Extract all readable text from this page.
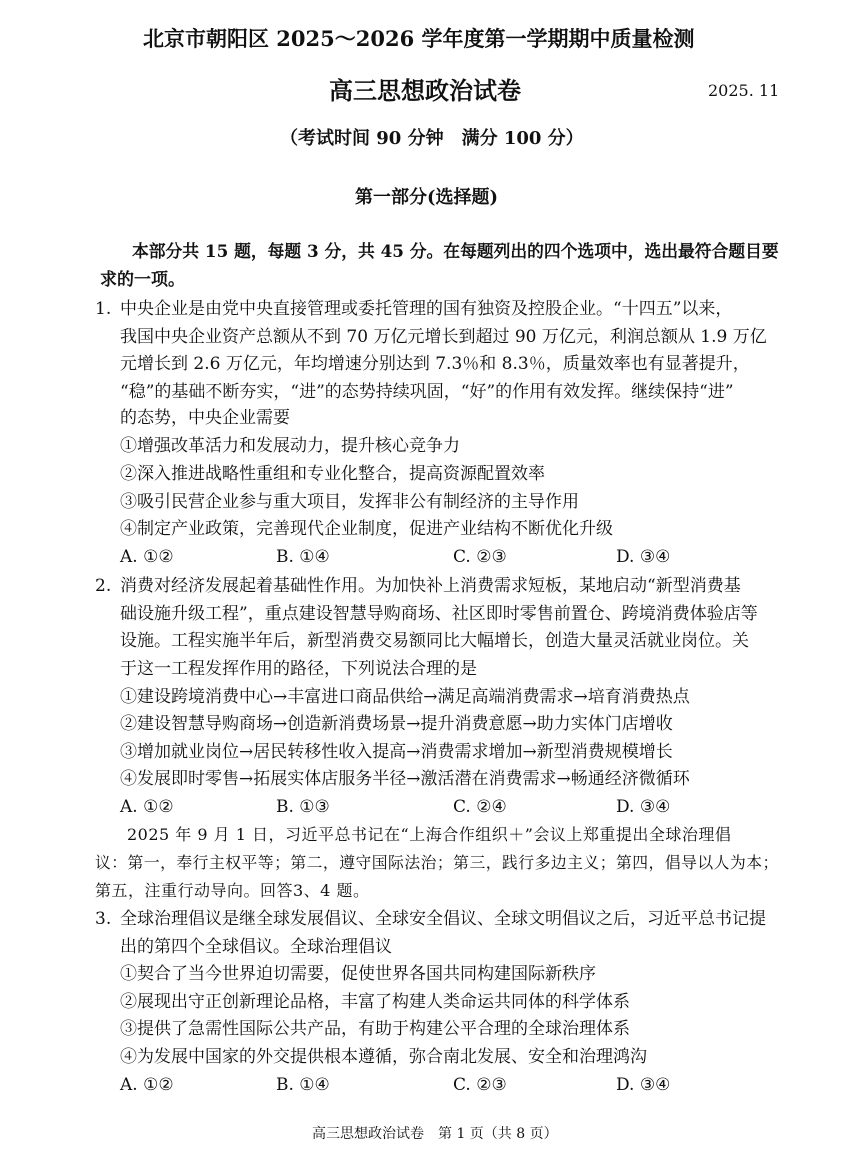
北京市朝阳区 2025～2026 学年度第一学期期中质量检测
高三思想政治试卷	2025. 11
（考试时间 90 分钟　满分 100 分）
第一部分(选择题)
本部分共 15 题，每题 3 分，共 45 分。在每题列出的四个选项中，选出最符合题目要
求的一项。
1. 中央企业是由党中央直接管理或委托管理的国有独资及控股企业。“十四五”以来，
我国中央企业资产总额从不到 70 万亿元增长到超过 90 万亿元，利润总额从 1.9 万亿
元增长到 2.6 万亿元，年均增速分别达到 7.3％和 8.3％，质量效率也有显著提升，
“稳”的基础不断夯实，“进”的态势持续巩固，“好”的作用有效发挥。继续保持“进”
的态势，中央企业需要
①增强改革活力和发展动力，提升核心竞争力
②深入推进战略性重组和专业化整合，提高资源配置效率
③吸引民营企业参与重大项目，发挥非公有制经济的主导作用
④制定产业政策，完善现代企业制度，促进产业结构不断优化升级
A. ①②	B. ①④	C. ②③	D. ③④
2. 消费对经济发展起着基础性作用。为加快补上消费需求短板，某地启动“新型消费基
础设施升级工程”，重点建设智慧导购商场、社区即时零售前置仓、跨境消费体验店等
设施。工程实施半年后，新型消费交易额同比大幅增长，创造大量灵活就业岗位。关
于这一工程发挥作用的路径，下列说法合理的是
①建设跨境消费中心→丰富进口商品供给→满足高端消费需求→培育消费热点
②建设智慧导购商场→创造新消费场景→提升消费意愿→助力实体门店增收
③增加就业岗位→居民转移性收入提高→消费需求增加→新型消费规模增长
④发展即时零售→拓展实体店服务半径→激活潜在消费需求→畅通经济微循环
A. ①②	B. ①③	C. ②④	D. ③④
2025 年 9 月 1 日，习近平总书记在“上海合作组织＋”会议上郑重提出全球治理倡
议：第一，奉行主权平等；第二，遵守国际法治；第三，践行多边主义；第四，倡导以人为本；
第五，注重行动导向。回答3、4 题。
3. 全球治理倡议是继全球发展倡议、全球安全倡议、全球文明倡议之后，习近平总书记提
出的第四个全球倡议。全球治理倡议
①契合了当今世界迫切需要，促使世界各国共同构建国际新秩序
②展现出守正创新理论品格，丰富了构建人类命运共同体的科学体系
③提供了急需性国际公共产品，有助于构建公平合理的全球治理体系
④为发展中国家的外交提供根本遵循，弥合南北发展、安全和治理鸿沟
A. ①②	B. ①④	C. ②③	D. ③④
高三思想政治试卷　第 1 页（共 8 页）
